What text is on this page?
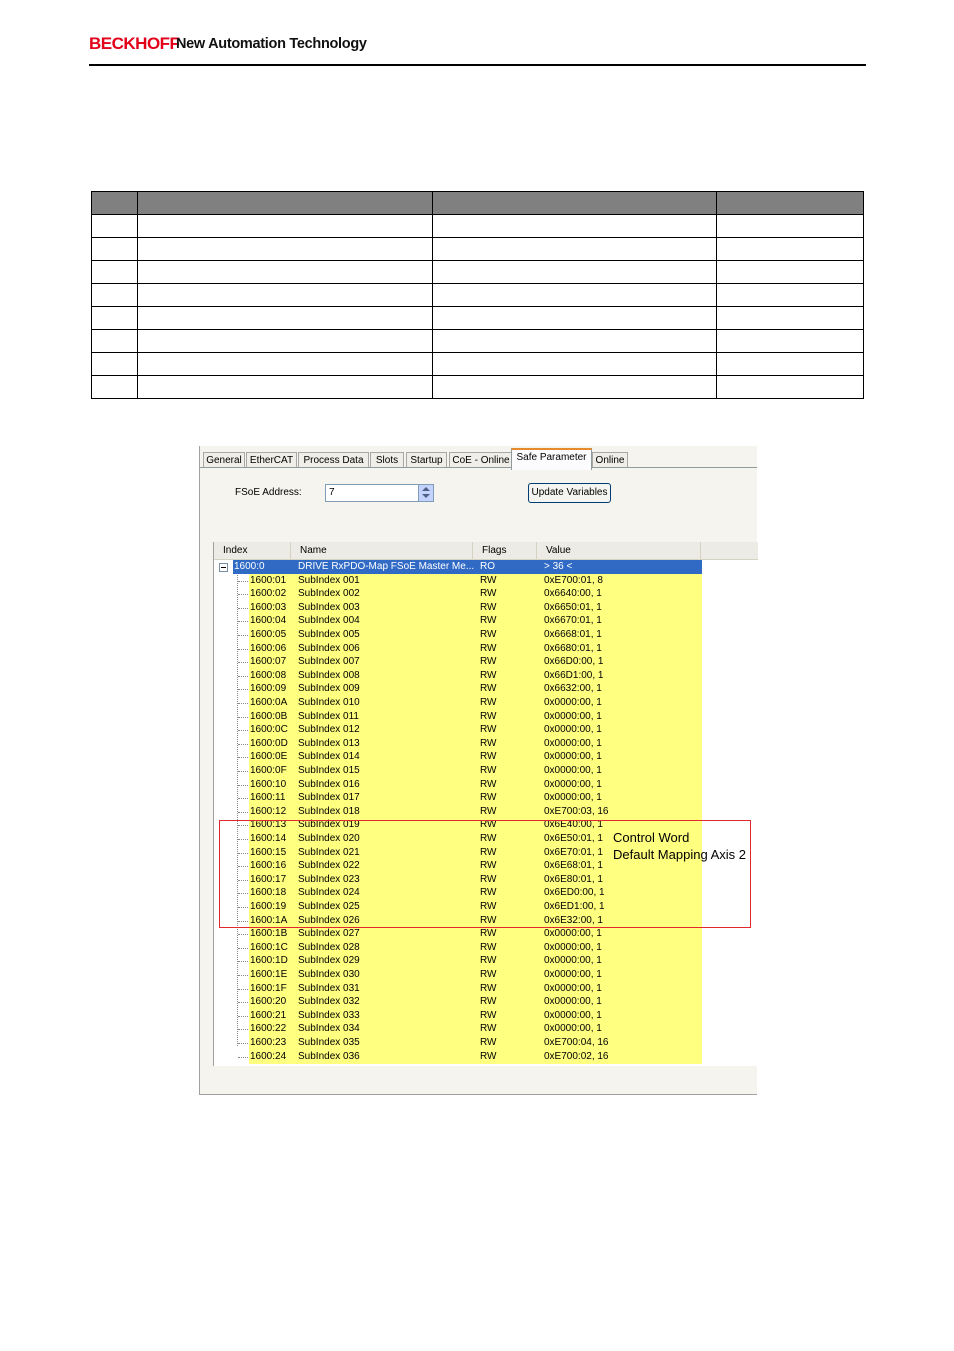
BECKHOFF
New Automation Technology

General EtherCAT	Process Data	Slots	Startup CoE - Online Safe Parameter Online
FSoE Address:	7	Update Variables
Index	Name	Flags	Value
1600:0	DRIVE RxPDO-Map FSoE Master Me... RO	> 36 <
1600:01 SubIndex 001	RW	0xE700:01, 8
1600:02 SubIndex 002	RW	0x6640:00, 1
1600:03 SubIndex 003	RW	0x6650:01, 1
1600:04 SubIndex 004	RW	0x6670:01, 1
1600:05 SubIndex 005	RW	0x6668:01, 1
1600:06 SubIndex 006	RW	0x6680:01, 1
1600:07 SubIndex 007	RW	0x66D0:00, 1
1600:08 SubIndex 008	RW	0x66D1:00, 1
1600:09 SubIndex 009	RW	0x6632:00, 1
1600:0A SubIndex 010	RW	0x0000:00, 1
1600:0B SubIndex 011	RW	0x0000:00, 1
1600:0C SubIndex 012	RW	0x0000:00, 1
1600:0D SubIndex 013	RW	0x0000:00, 1
1600:0E SubIndex 014	RW	0x0000:00, 1
1600:0F SubIndex 015	RW	0x0000:00, 1
1600:10 SubIndex 016	RW	0x0000:00, 1
1600:11 SubIndex 017	RW	0x0000:00, 1
1600:12 SubIndex 018	RW	0xE700:03, 16
1600:13 SubIndex 019	RW	0x6E40:00, 1
1600:14 SubIndex 020	RW	0x6E50:01, 1
1600:15 SubIndex 021	RW	0x6E70:01, 1
1600:16 SubIndex 022	RW	0x6E68:01, 1
1600:17 SubIndex 023	RW	0x6E80:01, 1
1600:18 SubIndex 024	RW	0x6ED0:00, 1
1600:19 SubIndex 025	RW	0x6ED1:00, 1
1600:1A SubIndex 026	RW	0x6E32:00, 1
1600:1B SubIndex 027	RW	0x0000:00, 1
1600:1C SubIndex 028	RW	0x0000:00, 1
1600:1D SubIndex 029	RW	0x0000:00, 1
1600:1E SubIndex 030	RW	0x0000:00, 1
1600:1F SubIndex 031	RW	0x0000:00, 1
1600:20 SubIndex 032	RW	0x0000:00, 1
1600:21 SubIndex 033	RW	0x0000:00, 1
1600:22 SubIndex 034	RW	0x0000:00, 1
1600:23 SubIndex 035	RW	0xE700:04, 16
1600:24 SubIndex 036	RW	0xE700:02, 16
Control Word
Default Mapping Axis 2
